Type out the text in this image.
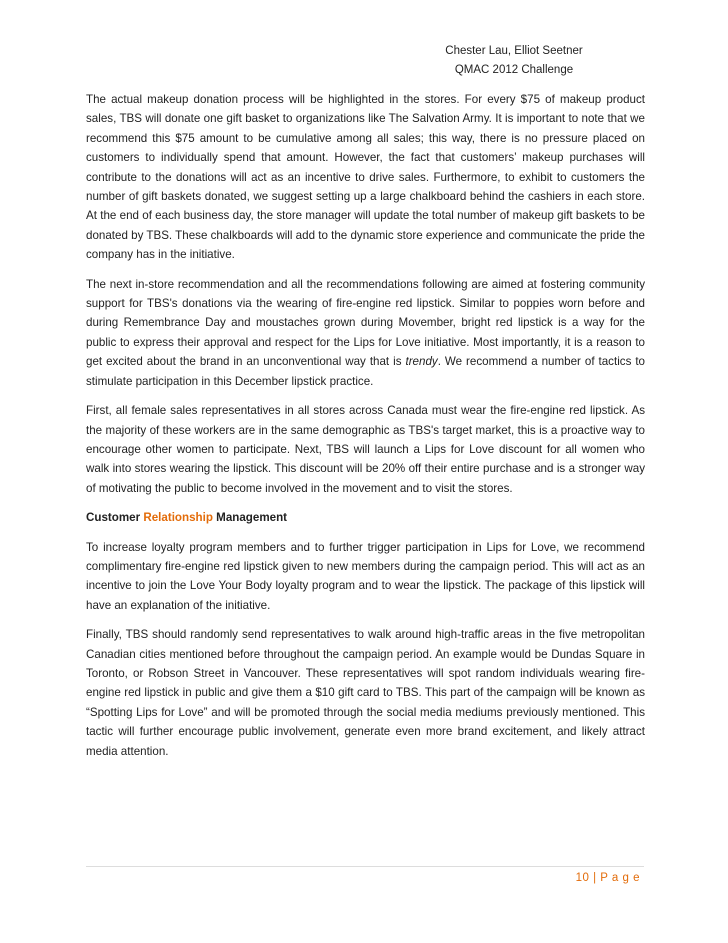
Chester Lau, Elliot Seetner
QMAC 2012 Challenge

The actual makeup donation process will be highlighted in the stores. For every $75 of makeup product sales, TBS will donate one gift basket to organizations like The Salvation Army. It is important to note that we recommend this $75 amount to be cumulative among all sales; this way, there is no pressure placed on customers to individually spend that amount. However, the fact that customers’ makeup purchases will contribute to the donations will act as an incentive to drive sales. Furthermore, to exhibit to customers the number of gift baskets donated, we suggest setting up a large chalkboard behind the cashiers in each store. At the end of each business day, the store manager will update the total number of makeup gift baskets to be donated by TBS. These chalkboards will add to the dynamic store experience and communicate the pride the company has in the initiative.

The next in-store recommendation and all the recommendations following are aimed at fostering community support for TBS's donations via the wearing of fire-engine red lipstick. Similar to poppies worn before and during Remembrance Day and moustaches grown during Movember, bright red lipstick is a way for the public to express their approval and respect for the Lips for Love initiative. Most importantly, it is a reason to get excited about the brand in an unconventional way that is trendy. We recommend a number of tactics to stimulate participation in this December lipstick practice.

First, all female sales representatives in all stores across Canada must wear the fire-engine red lipstick. As the majority of these workers are in the same demographic as TBS's target market, this is a proactive way to encourage other women to participate. Next, TBS will launch a Lips for Love discount for all women who walk into stores wearing the lipstick. This discount will be 20% off their entire purchase and is a stronger way of motivating the public to become involved in the movement and to visit the stores.

Customer Relationship Management

To increase loyalty program members and to further trigger participation in Lips for Love, we recommend complimentary fire-engine red lipstick given to new members during the campaign period. This will act as an incentive to join the Love Your Body loyalty program and to wear the lipstick. The package of this lipstick will have an explanation of the initiative.

Finally, TBS should randomly send representatives to walk around high-traffic areas in the five metropolitan Canadian cities mentioned before throughout the campaign period. An example would be Dundas Square in Toronto, or Robson Street in Vancouver. These representatives will spot random individuals wearing fire-engine red lipstick in public and give them a $10 gift card to TBS. This part of the campaign will be known as “Spotting Lips for Love” and will be promoted through the social media mediums previously mentioned. This tactic will further encourage public involvement, generate even more brand excitement, and likely attract media attention.

10 | P a g e
